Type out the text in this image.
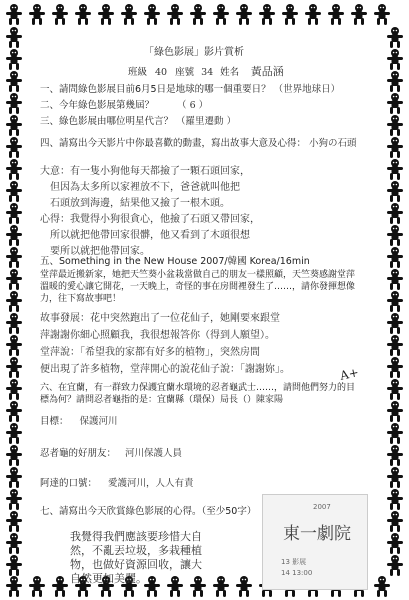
「綠色影展」影片賞析
班級 40 座號 34 姓名 黃品涵
一、請問綠色影展目前6月5日是地球的哪一個重要日？ （世界地球日）
二、今年綠色影展第幾屆？ （ 6 ）
三、綠色影展由哪位明星代言？ （羅里遷動 ）
四、請寫出今天影片中你最喜歡的動畫，寫出故事大意及心得： 小狗の石頭
大意：有一隻小狗他每天都撿了一顆石頭回家，
但因為太多所以家裡放不下，爸爸就叫他把
石頭放到海邊，結果他又撿了一根木頭。
心得：我覺得小狗很貪心，他撿了石頭又帶回家，
所以就把他帶回家很髒，他又看到了木頭很想
要所以就把他帶回家。
五、Something in the New House 2007/韓國 Korea/16min
堂萍最近搬新家，她把天竺葵小盆栽當做自己的朋友一樣照顧，天竺葵感謝堂萍
溫暖的愛心讓它開花，一天晚上，奇怪的事在房間裡發生了……，請你發揮想像
力，往下寫故事吧！
故事發展：花中突然跑出了一位花仙子，她剛要來跟堂
萍謝謝你細心照顧我，我很想報答你（得到人願望）。
堂萍說：「希望我的家都有好多的植物」，突然房間
便出現了許多植物，堂萍開心的說花仙子說：「謝謝妳」。
六、在宜蘭，有一群致力保護宜蘭水環境的忍者龜武士……，請問他們努力的目
標為何？請問忍者龜指的是：宜蘭縣（環保）局長（）陳家陽
目標： 保護河川
忍者龜的好朋友： 河川保護人員
阿達的口號： 愛護河川，人人有責
七、請寫出今天欣賞綠色影展的心得。（至少50字）
我覺得我們應該要珍惜大自
然，不亂丟垃圾，多栽種植
物，也做好資源回收，讓大
自然更加美麗。
A+
2007
東一劇院
13 影展
14 13:00
